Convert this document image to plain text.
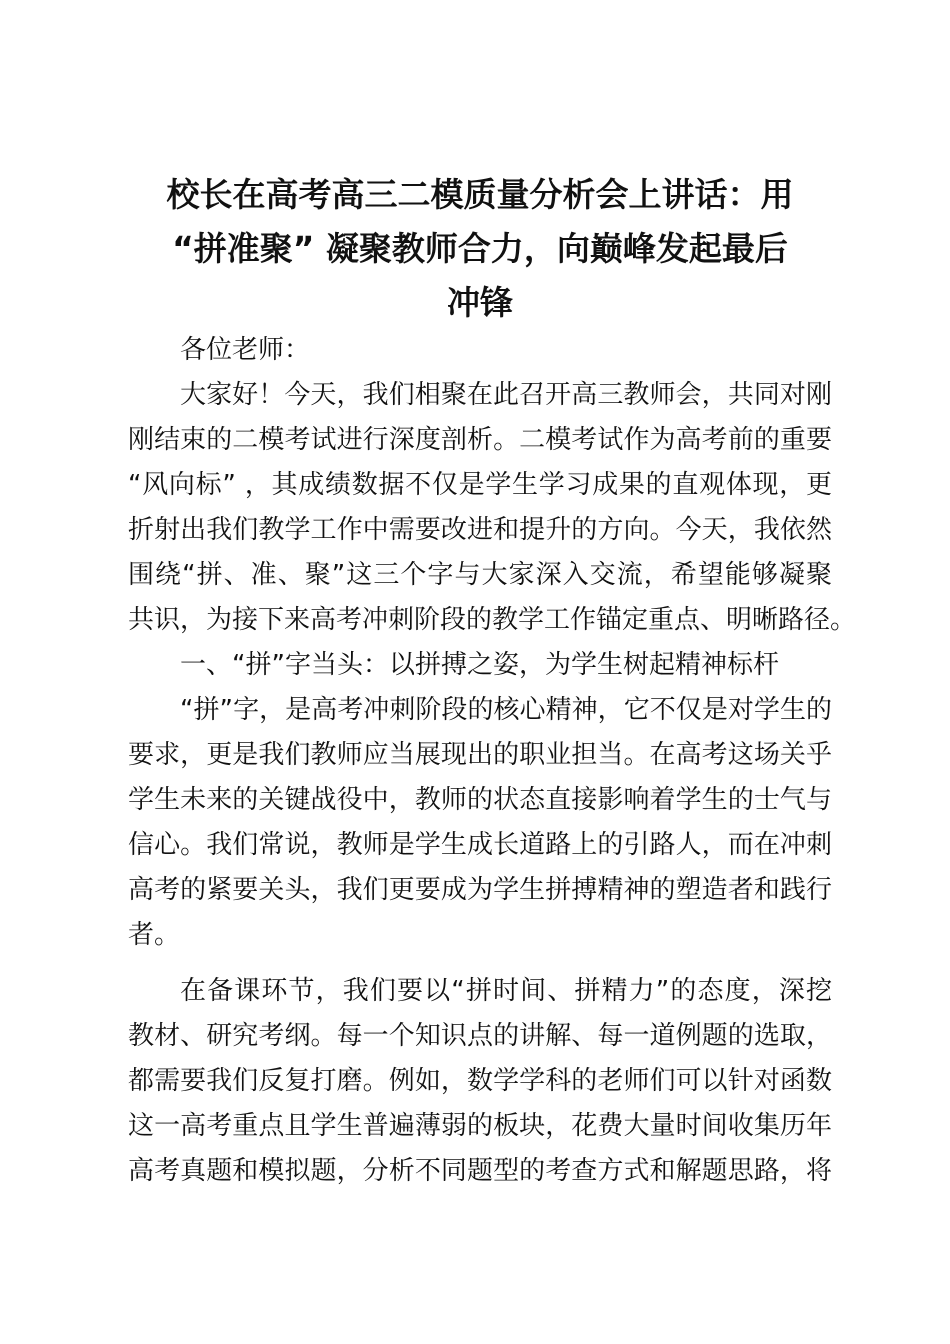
校长在高考高三二模质量分析会上讲话：用
“拼准聚” 凝聚教师合力，向巅峰发起最后
冲锋

各位老师：

大家好！今天，我们相聚在此召开高三教师会，共同对刚
刚结束的二模考试进行深度剖析。二模考试作为高考前的重要
“风向标” ，其成绩数据不仅是学生学习成果的直观体现，更
折射出我们教学工作中需要改进和提升的方向。今天，我依然
围绕“拼、准、聚”这三个字与大家深入交流，希望能够凝聚
共识，为接下来高考冲刺阶段的教学工作锚定重点、明晰路径。

一、“拼”字当头：以拼搏之姿，为学生树起精神标杆

“拼”字，是高考冲刺阶段的核心精神，它不仅是对学生的
要求，更是我们教师应当展现出的职业担当。在高考这场关乎
学生未来的关键战役中，教师的状态直接影响着学生的士气与
信心。我们常说，教师是学生成长道路上的引路人，而在冲刺
高考的紧要关头，我们更要成为学生拼搏精神的塑造者和践行
者。

在备课环节，我们要以“拼时间、拼精力”的态度，深挖
教材、研究考纲。每一个知识点的讲解、每一道例题的选取，
都需要我们反复打磨。例如，数学学科的老师们可以针对函数
这一高考重点且学生普遍薄弱的板块，花费大量时间收集历年
高考真题和模拟题，分析不同题型的考查方式和解题思路，将
